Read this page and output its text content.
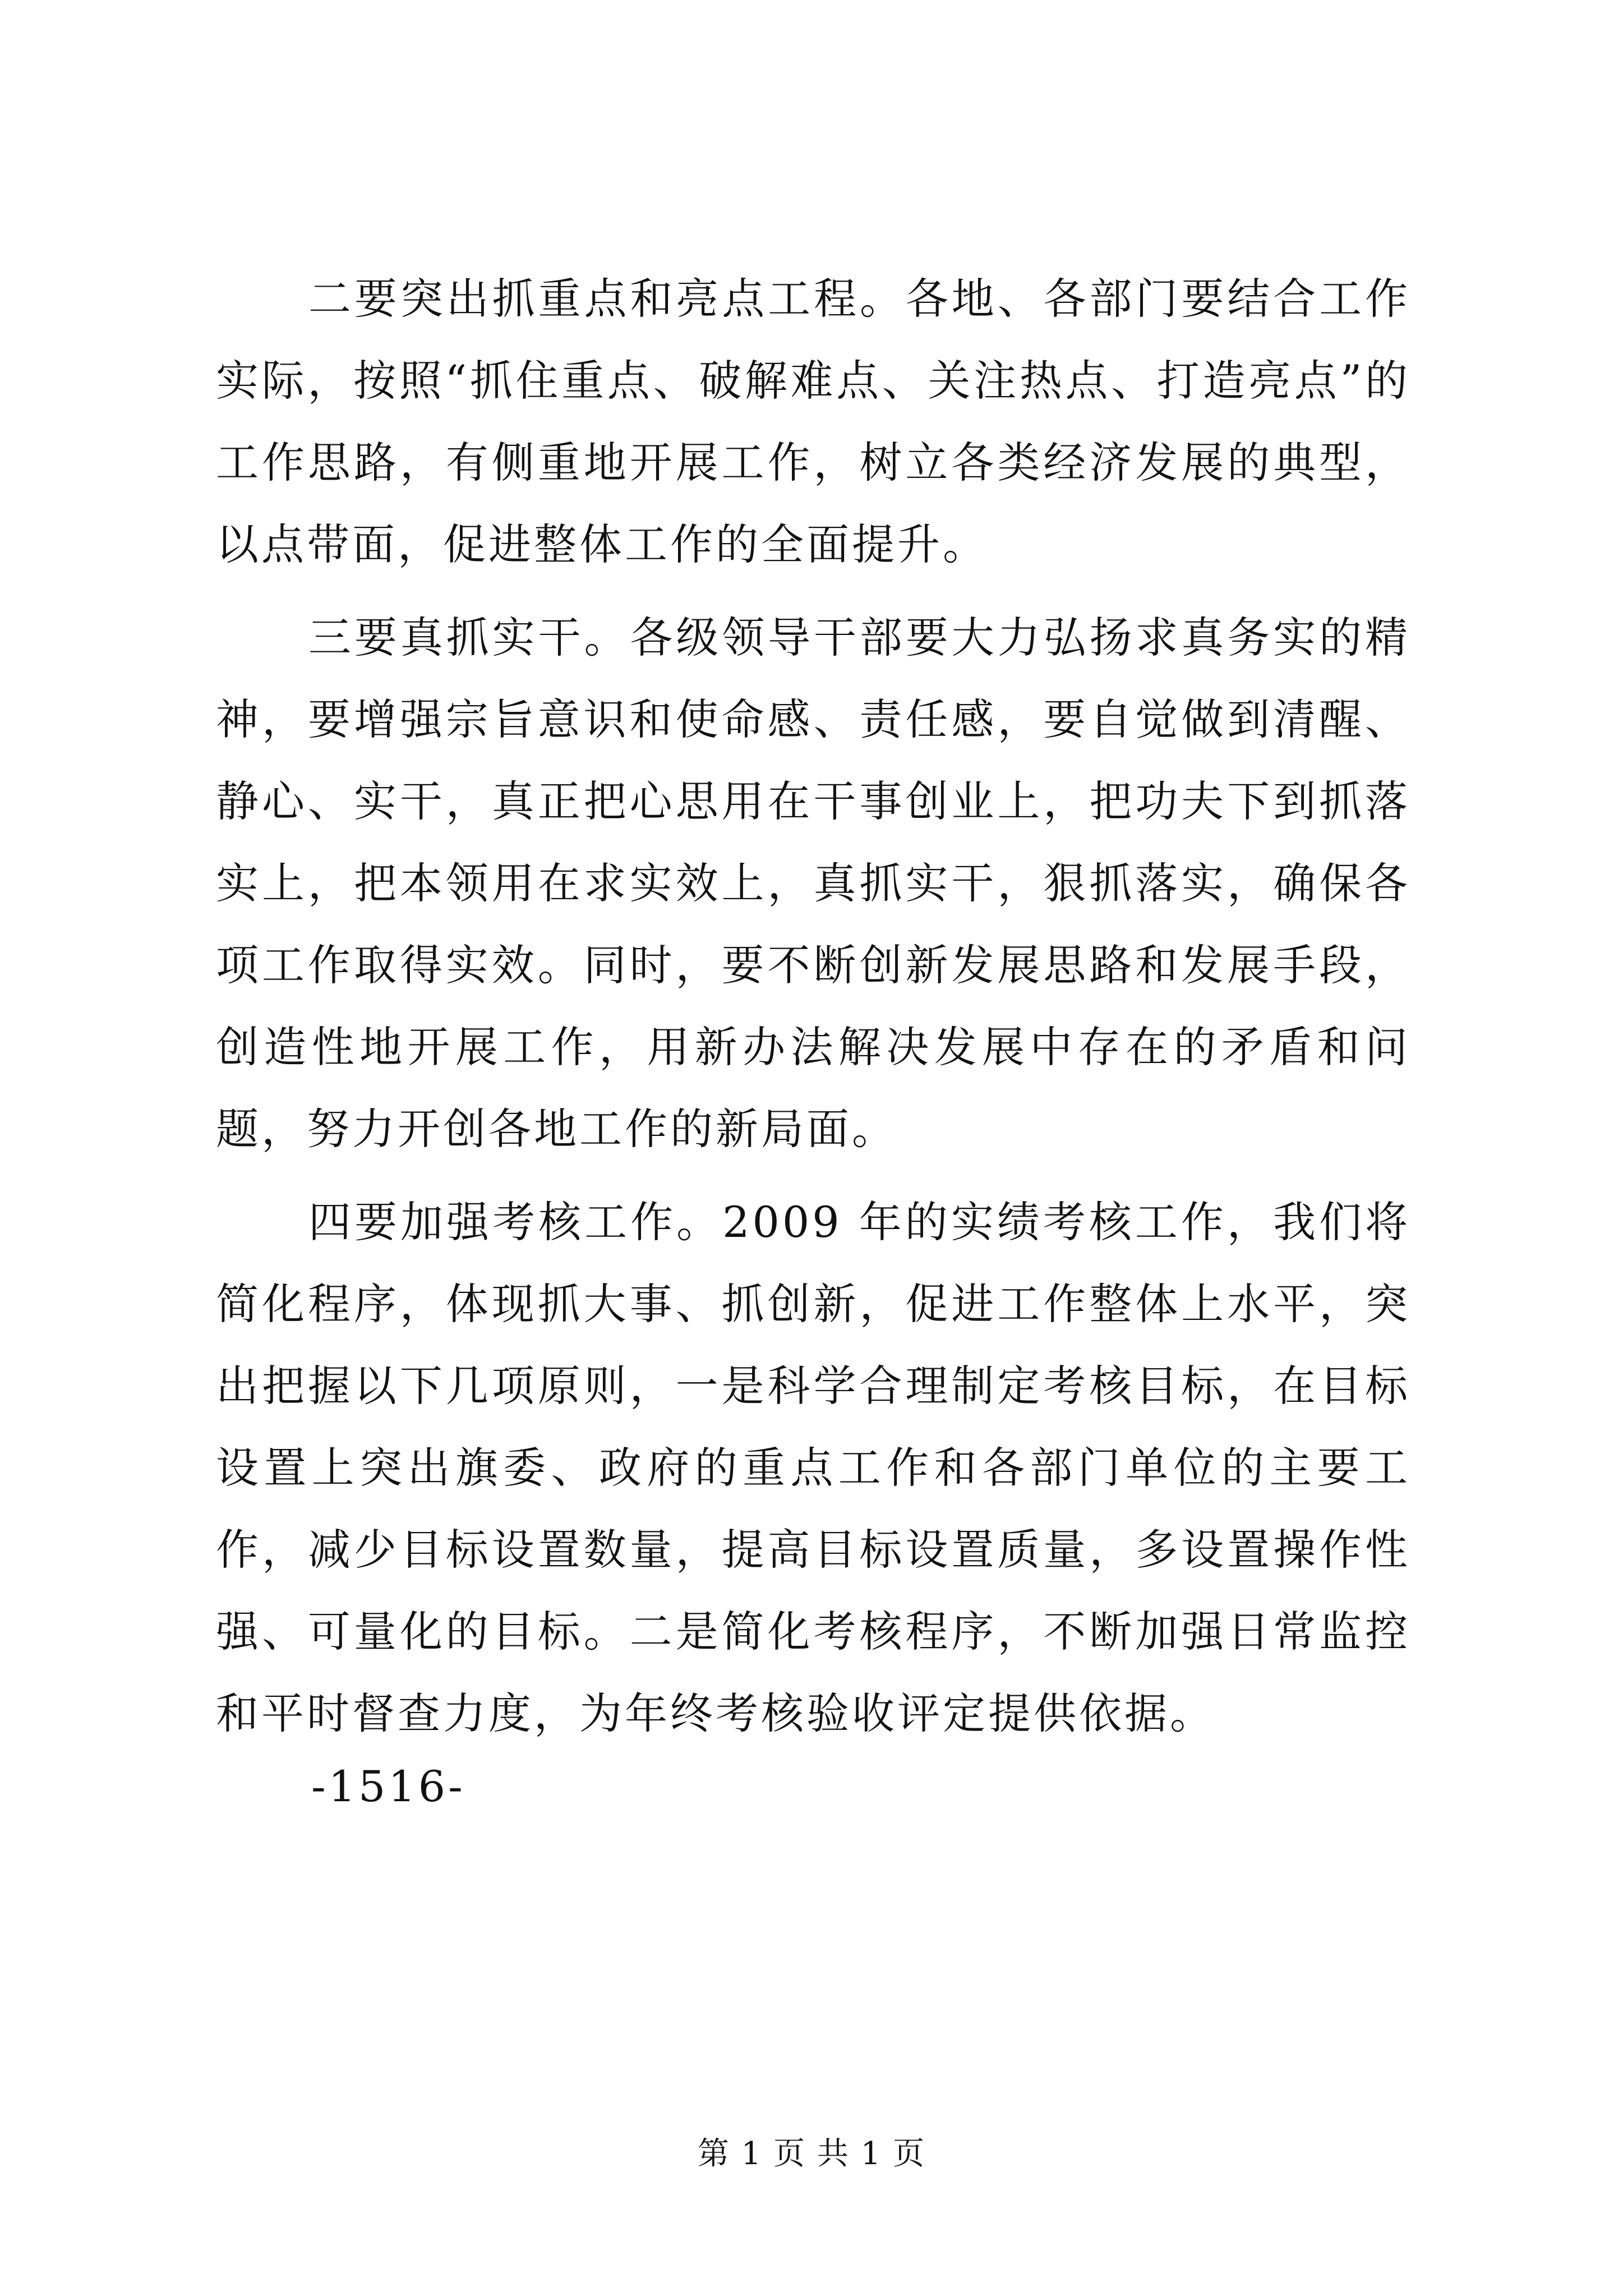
二要突出抓重点和亮点工程。各地、各部门要结合工作实际，按照“抓住重点、破解难点、关注热点、打造亮点”的工作思路，有侧重地开展工作，树立各类经济发展的典型，以点带面，促进整体工作的全面提升。

三要真抓实干。各级领导干部要大力弘扬求真务实的精神，要增强宗旨意识和使命感、责任感，要自觉做到清醒、静心、实干，真正把心思用在干事创业上，把功夫下到抓落实上，把本领用在求实效上，真抓实干，狠抓落实，确保各项工作取得实效。同时，要不断创新发展思路和发展手段，创造性地开展工作，用新办法解决发展中存在的矛盾和问题，努力开创各地工作的新局面。

四要加强考核工作。2009 年的实绩考核工作，我们将简化程序，体现抓大事、抓创新，促进工作整体上水平，突出把握以下几项原则，一是科学合理制定考核目标，在目标设置上突出旗委、政府的重点工作和各部门单位的主要工作，减少目标设置数量，提高目标设置质量，多设置操作性强、可量化的目标。二是简化考核程序，不断加强日常监控和平时督查力度，为年终考核验收评定提供依据。

-1516-
第 1 页 共 1 页
